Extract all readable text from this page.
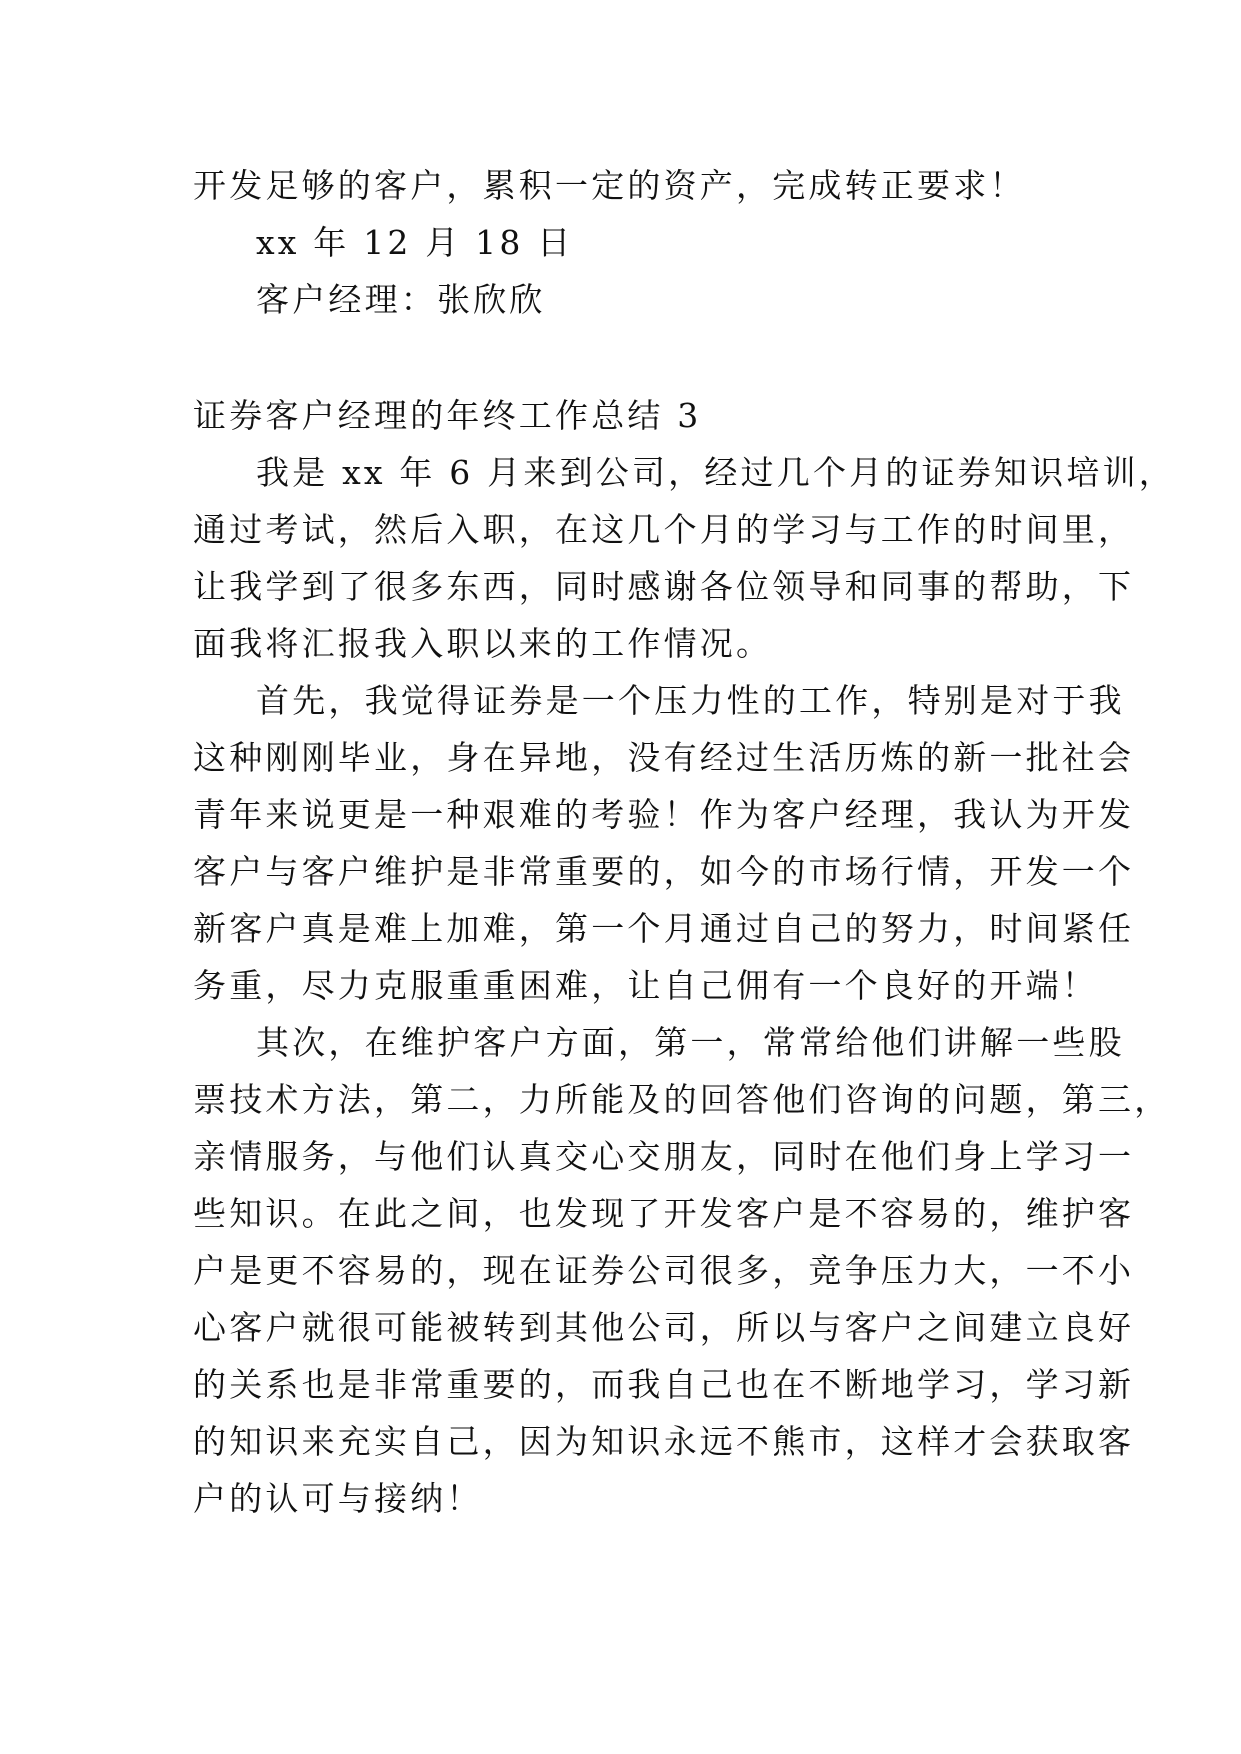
开发足够的客户，累积一定的资产，完成转正要求！
xx 年 12 月 18 日
客户经理：张欣欣
证券客户经理的年终工作总结 3
我是 xx 年 6 月来到公司，经过几个月的证券知识培训，
通过考试，然后入职，在这几个月的学习与工作的时间里，
让我学到了很多东西，同时感谢各位领导和同事的帮助，下
面我将汇报我入职以来的工作情况。
首先，我觉得证券是一个压力性的工作，特别是对于我
这种刚刚毕业，身在异地，没有经过生活历炼的新一批社会
青年来说更是一种艰难的考验！作为客户经理，我认为开发
客户与客户维护是非常重要的，如今的市场行情，开发一个
新客户真是难上加难，第一个月通过自己的努力，时间紧任
务重，尽力克服重重困难，让自己佣有一个良好的开端！
其次，在维护客户方面，第一，常常给他们讲解一些股
票技术方法，第二，力所能及的回答他们咨询的问题，第三，
亲情服务，与他们认真交心交朋友，同时在他们身上学习一
些知识。在此之间，也发现了开发客户是不容易的，维护客
户是更不容易的，现在证券公司很多，竞争压力大，一不小
心客户就很可能被转到其他公司，所以与客户之间建立良好
的关系也是非常重要的，而我自己也在不断地学习，学习新
的知识来充实自己，因为知识永远不熊市，这样才会获取客
户的认可与接纳！
